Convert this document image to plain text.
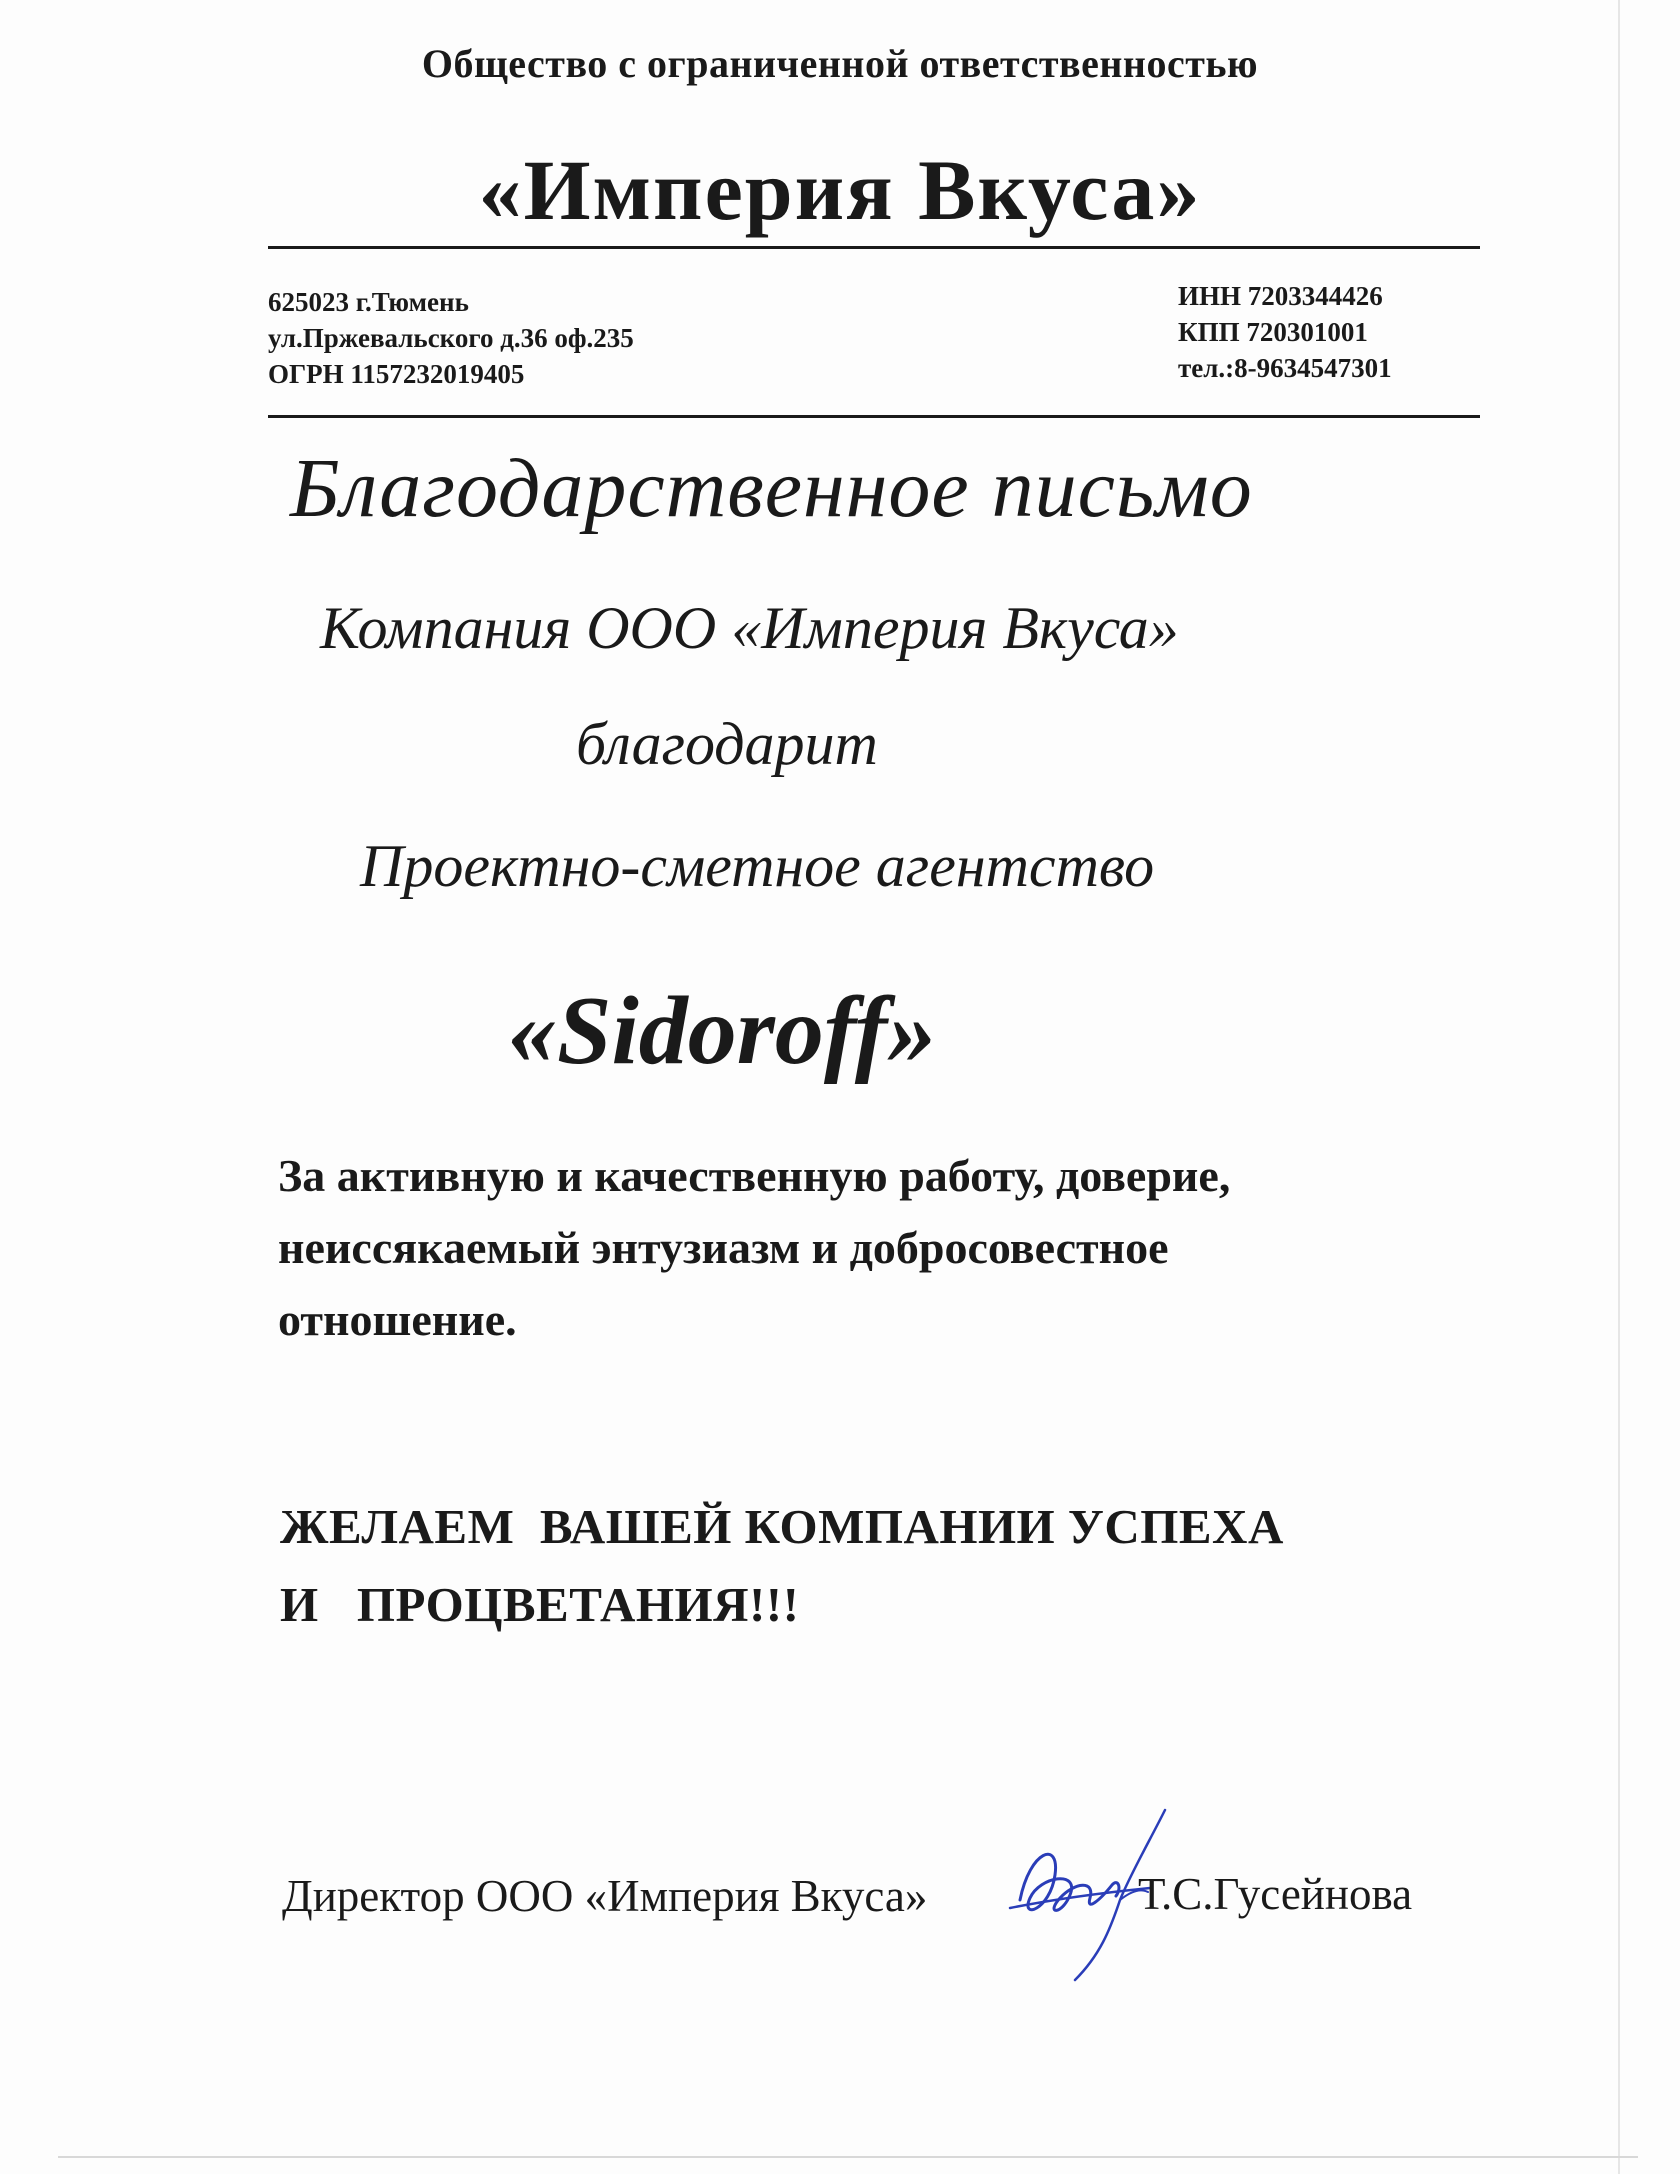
Общество с ограниченной ответственностью
«Империя Вкуса»
625023 г.Тюмень
ул.Пржевальского д.36 оф.235
ОГРН 1157232019405
ИНН 7203344426
КПП 720301001
тел.:8-9634547301
Благодарственное письмо
Компания ООО «Империя Вкуса»
благодарит
Проектно-сметное агентство
«Sidoroff»
За активную и качественную работу, доверие,
неиссякаемый энтузиазм и добросовестное
отношение.
ЖЕЛАЕМ  ВАШЕЙ КОМПАНИИ УСПЕХА
И   ПРОЦВЕТАНИЯ!!!
Директор ООО «Империя Вкуса»	Т.С.Гусейнова
